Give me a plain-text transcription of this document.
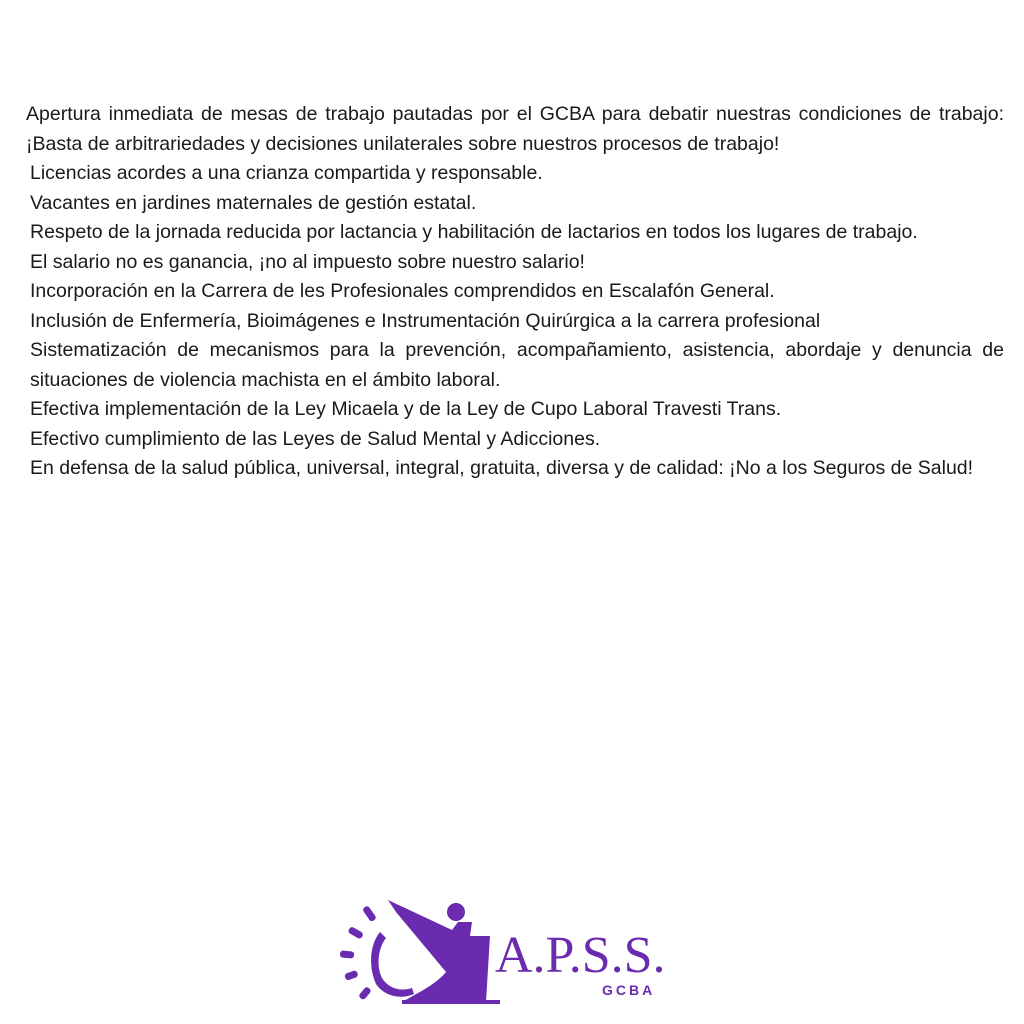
Apertura inmediata de mesas de trabajo pautadas por el GCBA para debatir nuestras condiciones de trabajo: ¡Basta de arbitrariedades y decisiones unilaterales sobre nuestros procesos de trabajo!
Licencias acordes a una crianza compartida y responsable.
Vacantes en jardines maternales de gestión estatal.
Respeto de la jornada reducida por lactancia y habilitación de lactarios en todos los lugares de trabajo.
El salario no es ganancia, ¡no al impuesto sobre nuestro salario!
Incorporación en la Carrera de les Profesionales comprendidos en Escalafón General.
Inclusión de Enfermería, Bioimágenes e Instrumentación Quirúrgica a la carrera profesional
Sistematización de mecanismos para la prevención, acompañamiento, asistencia, abordaje y denuncia de situaciones de violencia machista en el ámbito laboral.
Efectiva implementación de la Ley Micaela y de la Ley de Cupo Laboral Travesti Trans.
Efectivo cumplimiento de las Leyes de Salud Mental y Adicciones.
En defensa de la salud pública, universal, integral, gratuita, diversa y de calidad: ¡No a los Seguros de Salud!
A.P.S.S.
GCBA
